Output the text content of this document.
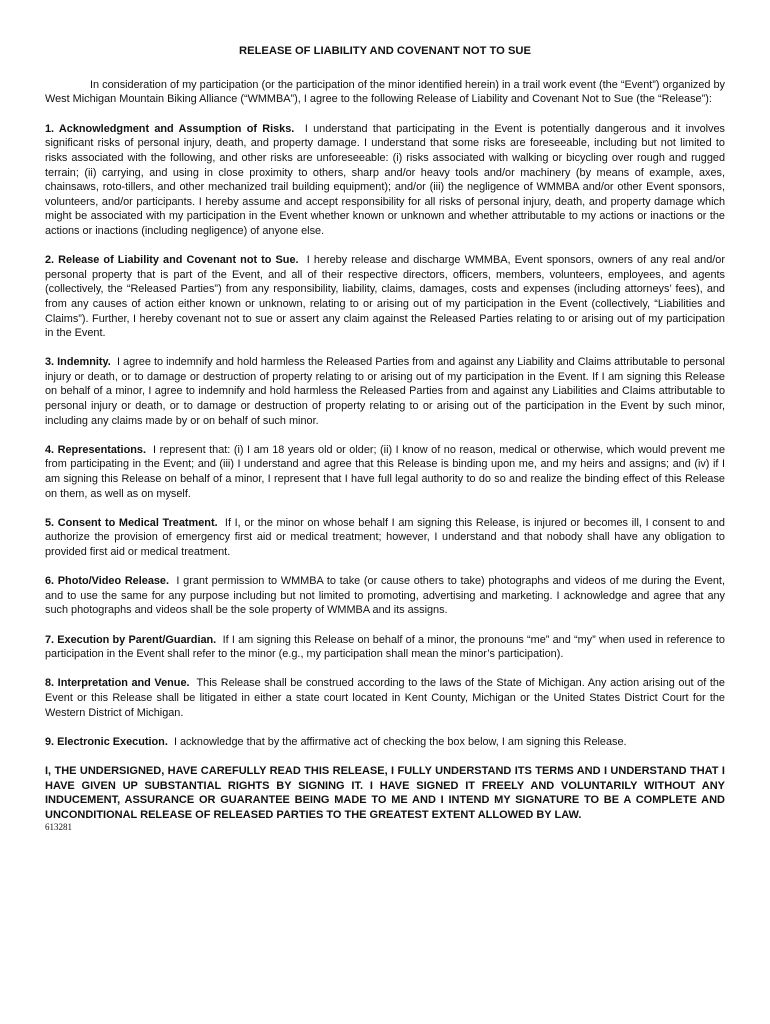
RELEASE OF LIABILITY AND COVENANT NOT TO SUE

In consideration of my participation (or the participation of the minor identified herein) in a trail work event (the “Event”) organized by West Michigan Mountain Biking Alliance (“WMMBA”), I agree to the following Release of Liability and Covenant Not to Sue (the “Release”):

1. Acknowledgment and Assumption of Risks. I understand that participating in the Event is potentially dangerous and it involves significant risks of personal injury, death, and property damage. I understand that some risks are foreseeable, including but not limited to risks associated with the following, and other risks are unforeseeable: (i) risks associated with walking or bicycling over rough and rugged terrain; (ii) carrying, and using in close proximity to others, sharp and/or heavy tools and/or machinery (by means of example, axes, chainsaws, roto-tillers, and other mechanized trail building equipment); and/or (iii) the negligence of WMMBA and/or other Event sponsors, volunteers, and/or participants. I hereby assume and accept responsibility for all risks of personal injury, death, and property damage which might be associated with my participation in the Event whether known or unknown and whether attributable to my actions or inactions or the actions or inactions (including negligence) of anyone else.

2. Release of Liability and Covenant not to Sue. I hereby release and discharge WMMBA, Event sponsors, owners of any real and/or personal property that is part of the Event, and all of their respective directors, officers, members, volunteers, employees, and agents (collectively, the “Released Parties”) from any responsibility, liability, claims, damages, costs and expenses (including attorneys’ fees), and from any causes of action either known or unknown, relating to or arising out of my participation in the Event (collectively, “Liabilities and Claims”). Further, I hereby covenant not to sue or assert any claim against the Released Parties relating to or arising out of my participation in the Event.

3. Indemnity. I agree to indemnify and hold harmless the Released Parties from and against any Liability and Claims attributable to personal injury or death, or to damage or destruction of property relating to or arising out of my participation in the Event. If I am signing this Release on behalf of a minor, I agree to indemnify and hold harmless the Released Parties from and against any Liabilities and Claims attributable to personal injury or death, or to damage or destruction of property relating to or arising out of the participation in the Event by such minor, including any claims made by or on behalf of such minor.

4. Representations. I represent that: (i) I am 18 years old or older; (ii) I know of no reason, medical or otherwise, which would prevent me from participating in the Event; and (iii) I understand and agree that this Release is binding upon me, and my heirs and assigns; and (iv) if I am signing this Release on behalf of a minor, I represent that I have full legal authority to do so and realize the binding effect of this Release on them, as well as on myself.

5. Consent to Medical Treatment. If I, or the minor on whose behalf I am signing this Release, is injured or becomes ill, I consent to and authorize the provision of emergency first aid or medical treatment; however, I understand and that nobody shall have any obligation to provided first aid or medical treatment.

6. Photo/Video Release. I grant permission to WMMBA to take (or cause others to take) photographs and videos of me during the Event, and to use the same for any purpose including but not limited to promoting, advertising and marketing. I acknowledge and agree that any such photographs and videos shall be the sole property of WMMBA and its assigns.

7. Execution by Parent/Guardian. If I am signing this Release on behalf of a minor, the pronouns “me” and “my” when used in reference to participation in the Event shall refer to the minor (e.g., my participation shall mean the minor’s participation).

8. Interpretation and Venue. This Release shall be construed according to the laws of the State of Michigan. Any action arising out of the Event or this Release shall be litigated in either a state court located in Kent County, Michigan or the United States District Court for the Western District of Michigan.

9. Electronic Execution. I acknowledge that by the affirmative act of checking the box below, I am signing this Release.

I, THE UNDERSIGNED, HAVE CAREFULLY READ THIS RELEASE, I FULLY UNDERSTAND ITS TERMS AND I UNDERSTAND THAT I HAVE GIVEN UP SUBSTANTIAL RIGHTS BY SIGNING IT. I HAVE SIGNED IT FREELY AND VOLUNTARILY WITHOUT ANY INDUCEMENT, ASSURANCE OR GUARANTEE BEING MADE TO ME AND I INTEND MY SIGNATURE TO BE A COMPLETE AND UNCONDITIONAL RELEASE OF RELEASED PARTIES TO THE GREATEST EXTENT ALLOWED BY LAW.

613281
